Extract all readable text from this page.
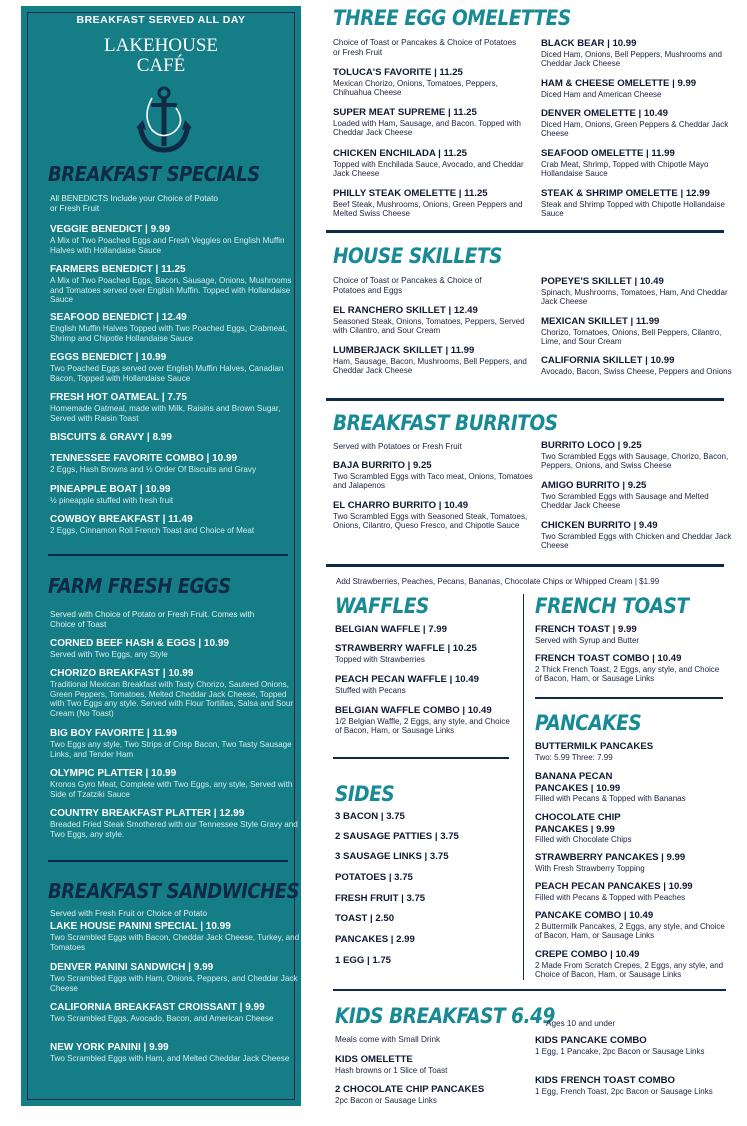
BREAKFAST SERVED ALL DAY
LAKEHOUSE
CAFÉ
BREAKFAST SPECIALS
All BENEDICTS Include your Choice of Potato or Fresh Fruit
VEGGIE BENEDICT | 9.99
A Mix of Two Poached Eggs and Fresh Veggies on English Muffin Halves with Hollandaise Sauce
FARMERS BENEDICT | 11.25
A Mix of Two Poached Eggs, Bacon, Sausage, Onions, Mushrooms and Tomatoes served over English Muffin. Topped with Hollandaise Sauce
SEAFOOD BENEDICT | 12.49
English Muffin Halves Topped with Two Poached Eggs, Crabmeat, Shrimp and Chipotle Hollandaise Sauce
EGGS BENEDICT | 10.99
Two Poached Eggs served over English Muffin Halves, Canadian Bacon, Topped with Hollandaise Sauce
FRESH HOT OATMEAL | 7.75
Homemade Oatmeal, made with Milk, Raisins and Brown Sugar, Served with Raisin Toast
BISCUITS & GRAVY | 8.99
TENNESSEE FAVORITE COMBO | 10.99
2 Eggs, Hash Browns and ½ Order Of Biscuits and Gravy
PINEAPPLE BOAT | 10.99
½ pineapple stuffed with fresh fruit
COWBOY BREAKFAST | 11.49
2 Eggs, Cinnamon Roll French Toast and Choice of Meat
FARM FRESH EGGS
Served with Choice of Potato or Fresh Fruit. Comes with Choice of Toast
CORNED BEEF HASH & EGGS | 10.99
Served with Two Eggs, any Style
CHORIZO BREAKFAST | 10.99
Traditional Mexican Breakfast with Tasty Chorizo, Sauteed Onions, Green Peppers, Tomatoes, Melted Cheddar Jack Cheese, Topped with Two Eggs any style. Served with Flour Tortillas, Salsa and Sour Cream (No Toast)
BIG BOY FAVORITE | 11.99
Two Eggs any style, Two Strips of Crisp Bacon, Two Tasty Sausage Links, and Tender Ham
OLYMPIC PLATTER | 10.99
Kronos Gyro Meat, Complete with Two Eggs, any style, Served with Side of Tzatziki Sauce
COUNTRY BREAKFAST PLATTER | 12.99
Breaded Fried Steak Smothered with our Tennessee Style Gravy and Two Eggs, any style.
BREAKFAST SANDWICHES
Served with Fresh Fruit or Choice of Potato
LAKE HOUSE PANINI SPECIAL | 10.99
Two Scrambled Eggs with Bacon, Cheddar Jack Cheese, Turkey, and Tomatoes
DENVER PANINI SANDWICH | 9.99
Two Scrambled Eggs with Ham, Onions, Peppers, and Cheddar Jack Cheese
CALIFORNIA BREAKFAST CROISSANT | 9.99
Two Scrambled Eggs, Avocado, Bacon, and American Cheese
NEW YORK PANINI | 9.99
Two Scrambled Eggs with Ham, and Melted Cheddar Jack Cheese
THREE EGG OMELETTES
Choice of Toast or Pancakes & Choice of Potatoes or Fresh Fruit
TOLUCA'S FAVORITE | 11.25
Mexican Chorizo, Onions, Tomatoes, Peppers, Chihuahua Cheese
SUPER MEAT SUPREME | 11.25
Loaded with Ham, Sausage, and Bacon. Topped with Cheddar Jack Cheese
CHICKEN ENCHILADA | 11.25
Topped with Enchilada Sauce, Avocado, and Cheddar Jack Cheese
PHILLY STEAK OMELETTE | 11.25
Beef Steak, Mushrooms, Onions, Green Peppers and Melted Swiss Cheese
BLACK BEAR | 10.99
Diced Ham, Onions, Bell Peppers, Mushrooms and Cheddar Jack Cheese
HAM & CHEESE OMELETTE | 9.99
Diced Ham and American Cheese
DENVER OMELETTE | 10.49
Diced Ham, Onions, Green Peppers & Cheddar Jack Cheese
SEAFOOD OMELETTE | 11.99
Crab Meat, Shrimp, Topped with Chipotle Mayo Hollandaise Sauce
STEAK & SHRIMP OMELETTE | 12.99
Steak and Shrimp Topped with Chipotle Hollandaise Sauce
HOUSE SKILLETS
Choice of Toast or Pancakes & Choice of Potatoes and Eggs
EL RANCHERO SKILLET | 12.49
Seasoned Steak, Onions, Tomatoes, Peppers, Served with Cilantro, and Sour Cream
LUMBERJACK SKILLET | 11.99
Ham, Sausage, Bacon, Mushrooms, Bell Peppers, and Cheddar Jack Cheese
POPEYE'S SKILLET | 10.49
Spinach, Mushrooms, Tomatoes, Ham, And Cheddar Jack Cheese
MEXICAN SKILLET | 11.99
Chorizo, Tomatoes, Onions, Bell Peppers, Cilantro, Lime, and Sour Cream
CALIFORNIA SKILLET | 10.99
Avocado, Bacon, Swiss Cheese, Peppers and Onions
BREAKFAST BURRITOS
Served with Potatoes or Fresh Fruit
BAJA BURRITO | 9.25
Two Scrambled Eggs with Taco meat, Onions, Tomatoes and Jalapenos
EL CHARRO BURRITO | 10.49
Two Scrambled Eggs with Seasoned Steak, Tomatoes, Onions, Cilantro, Queso Fresco, and Chipotle Sauce
BURRITO LOCO | 9.25
Two Scrambled Eggs with Sausage, Chorizo, Bacon, Peppers, Onions, and Swiss Cheese
AMIGO BURRITO | 9.25
Two Scrambled Eggs with Sausage and Melted Cheddar Jack Cheese
CHICKEN BURRITO | 9.49
Two Scrambled Eggs with Chicken and Cheddar Jack Cheese
Add Strawberries, Peaches, Pecans, Bananas, Chocolate Chips or Whipped Cream | $1.99
WAFFLES
BELGIAN WAFFLE | 7.99
STRAWBERRY WAFFLE | 10.25
Topped with Strawberries
PEACH PECAN WAFFLE | 10.49
Stuffed with Pecans
BELGIAN WAFFLE COMBO | 10.49
1/2 Belgian Waffle, 2 Eggs, any style, and Choice of Bacon, Ham, or Sausage Links
FRENCH TOAST
FRENCH TOAST | 9.99
Served with Syrup and Butter
FRENCH TOAST COMBO | 10.49
2 Thick French Toast, 2 Eggs, any style, and Choice of Bacon, Ham, or Sausage Links
SIDES
3 BACON | 3.75
2 SAUSAGE PATTIES | 3.75
3 SAUSAGE LINKS | 3.75
POTATOES | 3.75
FRESH FRUIT | 3.75
TOAST | 2.50
PANCAKES | 2.99
1 EGG | 1.75
PANCAKES
BUTTERMILK PANCAKES
Two: 5.99 Three: 7.99
BANANA PECAN PANCAKES | 10.99
Filled with Pecans & Topped with Bananas
CHOCOLATE CHIP PANCAKES | 9.99
Filled with Chocolate Chips
STRAWBERRY PANCAKES | 9.99
With Fresh Strawberry Topping
PEACH PECAN PANCAKES | 10.99
Filled with Pecans & Topped with Peaches
PANCAKE COMBO | 10.49
2 Buttermilk Pancakes, 2 Eggs, any style, and Choice of Bacon, Ham, or Sausage Links
CREPE COMBO | 10.49
2 Made From Scratch Crepes, 2 Eggs, any style, and Choice of Bacon, Ham, or Sausage Links
KIDS BREAKFAST 6.49
Ages 10 and under
Meals come with Small Drink
KIDS OMELETTE
Hash browns or 1 Slice of Toast
2 CHOCOLATE CHIP PANCAKES
2pc Bacon or Sausage Links
KIDS PANCAKE COMBO
1 Egg, 1 Pancake, 2pc Bacon or Sausage Links
KIDS FRENCH TOAST COMBO
1 Egg, French Toast, 2pc Bacon or Sausage Links
